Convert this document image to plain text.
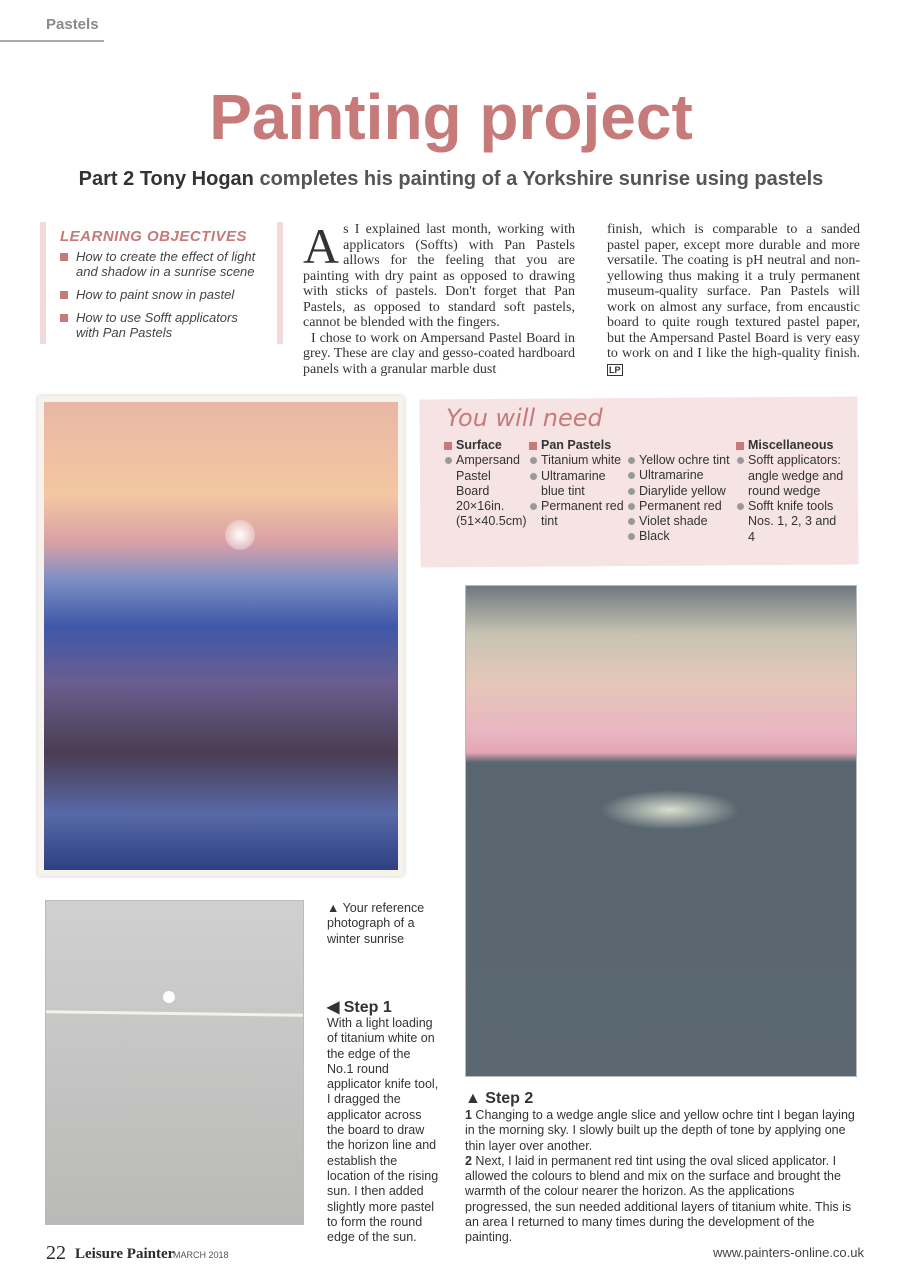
Pastels
Painting project
Part 2 Tony Hogan completes his painting of a Yorkshire sunrise using pastels
LEARNING OBJECTIVES
How to create the effect of light and shadow in a sunrise scene
How to paint snow in pastel
How to use Sofft applicators with Pan Pastels
A s I explained last month, working with applicators (Soffts) with Pan Pastels allows for the feeling that you are painting with dry paint as opposed to drawing with sticks of pastels. Don't forget that Pan Pastels, as opposed to standard soft pastels, cannot be blended with the fingers.

I chose to work on Ampersand Pastel Board in grey. These are clay and gesso-coated hardboard panels with a granular marble dust

finish, which is comparable to a sanded pastel paper, except more durable and more versatile. The coating is pH neutral and non-yellowing thus making it a truly permanent museum-quality surface. Pan Pastels will work on almost any surface, from encaustic board to quite rough textured pastel paper, but the Ampersand Pastel Board is very easy to work on and I like the high-quality finish. LP
You will need
Surface
Ampersand Pastel Board 20×16in. (51×40.5cm)
Pan Pastels
Titanium white
Ultramarine blue tint
Permanent red tint
Yellow ochre tint
Ultramarine
Diarylide yellow
Permanent red
Violet shade
Black
Miscellaneous
Sofft applicators: angle wedge and round wedge
Sofft knife tools Nos. 1, 2, 3 and 4
▲ Your reference photograph of a winter sunrise
◀ Step 1
With a light loading of titanium white on the edge of the No.1 round applicator knife tool, I dragged the applicator across the board to draw the horizon line and establish the location of the rising sun. I then added slightly more pastel to form the round edge of the sun.
▲ Step 2
1 Changing to a wedge angle slice and yellow ochre tint I began laying in the morning sky. I slowly built up the depth of tone by applying one thin layer over another.
2 Next, I laid in permanent red tint using the oval sliced applicator. I allowed the colours to blend and mix on the surface and brought the warmth of the colour nearer the horizon. As the applications progressed, the sun needed additional layers of titanium white. This is an area I returned to many times during the development of the painting.
22 Leisure Painter
MARCH 2018	www.painters-online.co.uk
